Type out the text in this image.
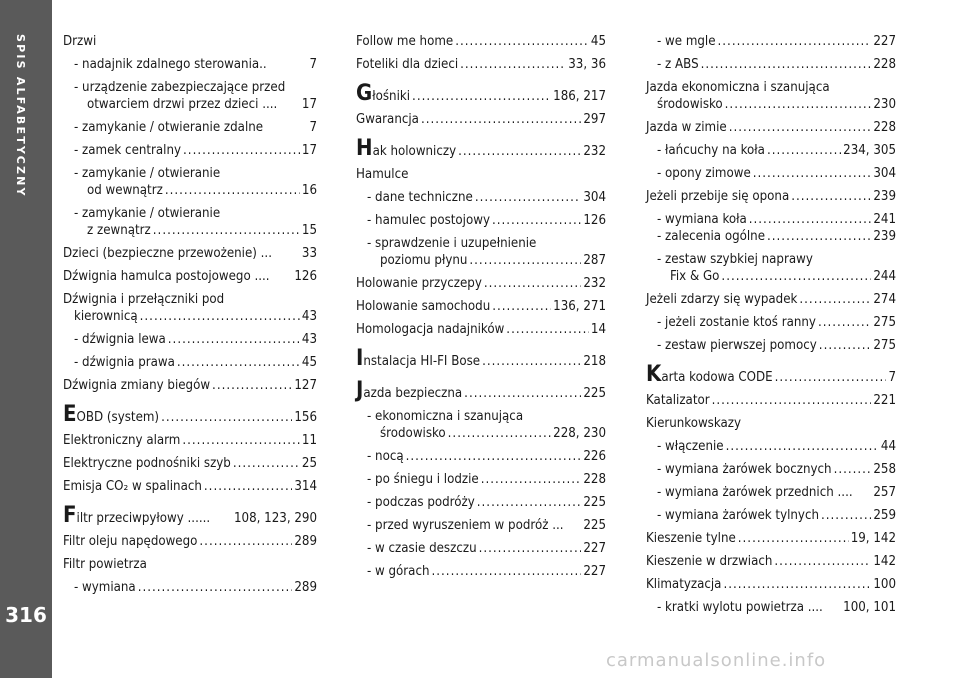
SPIS ALFABETYCZNY
316
Drzwi
- nadajnik zdalnego sterowania..	7
- urządzenie zabezpieczające przed
otwarciem drzwi przez dzieci .... 17
- zamykanie / otwieranie zdalne	7
- zamek centralny .....	17
- zamykanie / otwieranie
od wewnątrz .....	16
- zamykanie / otwieranie
z zewnątrz .....	15
Dzieci (bezpieczne przewożenie) ... 33
Dźwignia hamulca postojowego .... 126
Dźwignia i przełączniki pod
kierownicą .....	43
- dźwignia lewa .....	43
- dźwignia prawa .....	45
Dźwignia zmiany biegów .....	127
EOBD (system) .....	156
Elektroniczny alarm .....	11
Elektryczne podnośniki szyb .....	25
Emisja CO₂ w spalinach .....	314
Filtr przeciwpyłowy ...... 108, 123, 290
Filtr oleju napędowego .....	289
Filtr powietrza
- wymiana .....	289
Follow me home .....	45
Foteliki dla dzieci .....	33, 36
Głośniki .....	186, 217
Gwarancja .....	297
Hak holowniczy .....	232
Hamulce
- dane techniczne .....	304
- hamulec postojowy .....	126
- sprawdzenie i uzupełnienie
poziomu płynu .....	287
Holowanie przyczepy .....	232
Holowanie samochodu .....	136, 271
Homologacja nadajników .....	14
Instalacja HI-FI Bose .....	218
Jazda bezpieczna .....	225
- ekonomiczna i szanująca
środowisko .....	228, 230
- nocą .....	226
- po śniegu i lodzie .....	228
- podczas podróży .....	225
- przed wyruszeniem w podróż ... 225
- w czasie deszczu .....	227
- w górach .....	227
- we mgle .....	227
- z ABS .....	228
Jazda ekonomiczna i szanująca
środowisko .....	230
Jazda w zimie .....	228
- łańcuchy na koła .....	234, 305
- opony zimowe .....	304
Jeżeli przebije się opona .....	239
- wymiana koła .....	241
- zalecenia ogólne .....	239
- zestaw szybkiej naprawy
Fix & Go .....	244
Jeżeli zdarzy się wypadek .....	274
- jeżeli zostanie ktoś ranny .....	275
- zestaw pierwszej pomocy .....	275
Karta kodowa CODE .....	7
Katalizator .....	221
Kierunkowskazy
- włączenie .....	44
- wymiana żarówek bocznych .....	258
- wymiana żarówek przednich .... 257
- wymiana żarówek tylnych .....	259
Kieszenie tylne .....	19, 142
Kieszenie w drzwiach .....	142
Klimatyzacja .....	100
- kratki wylotu powietrza .... 100, 101
carmanualsonline.info
